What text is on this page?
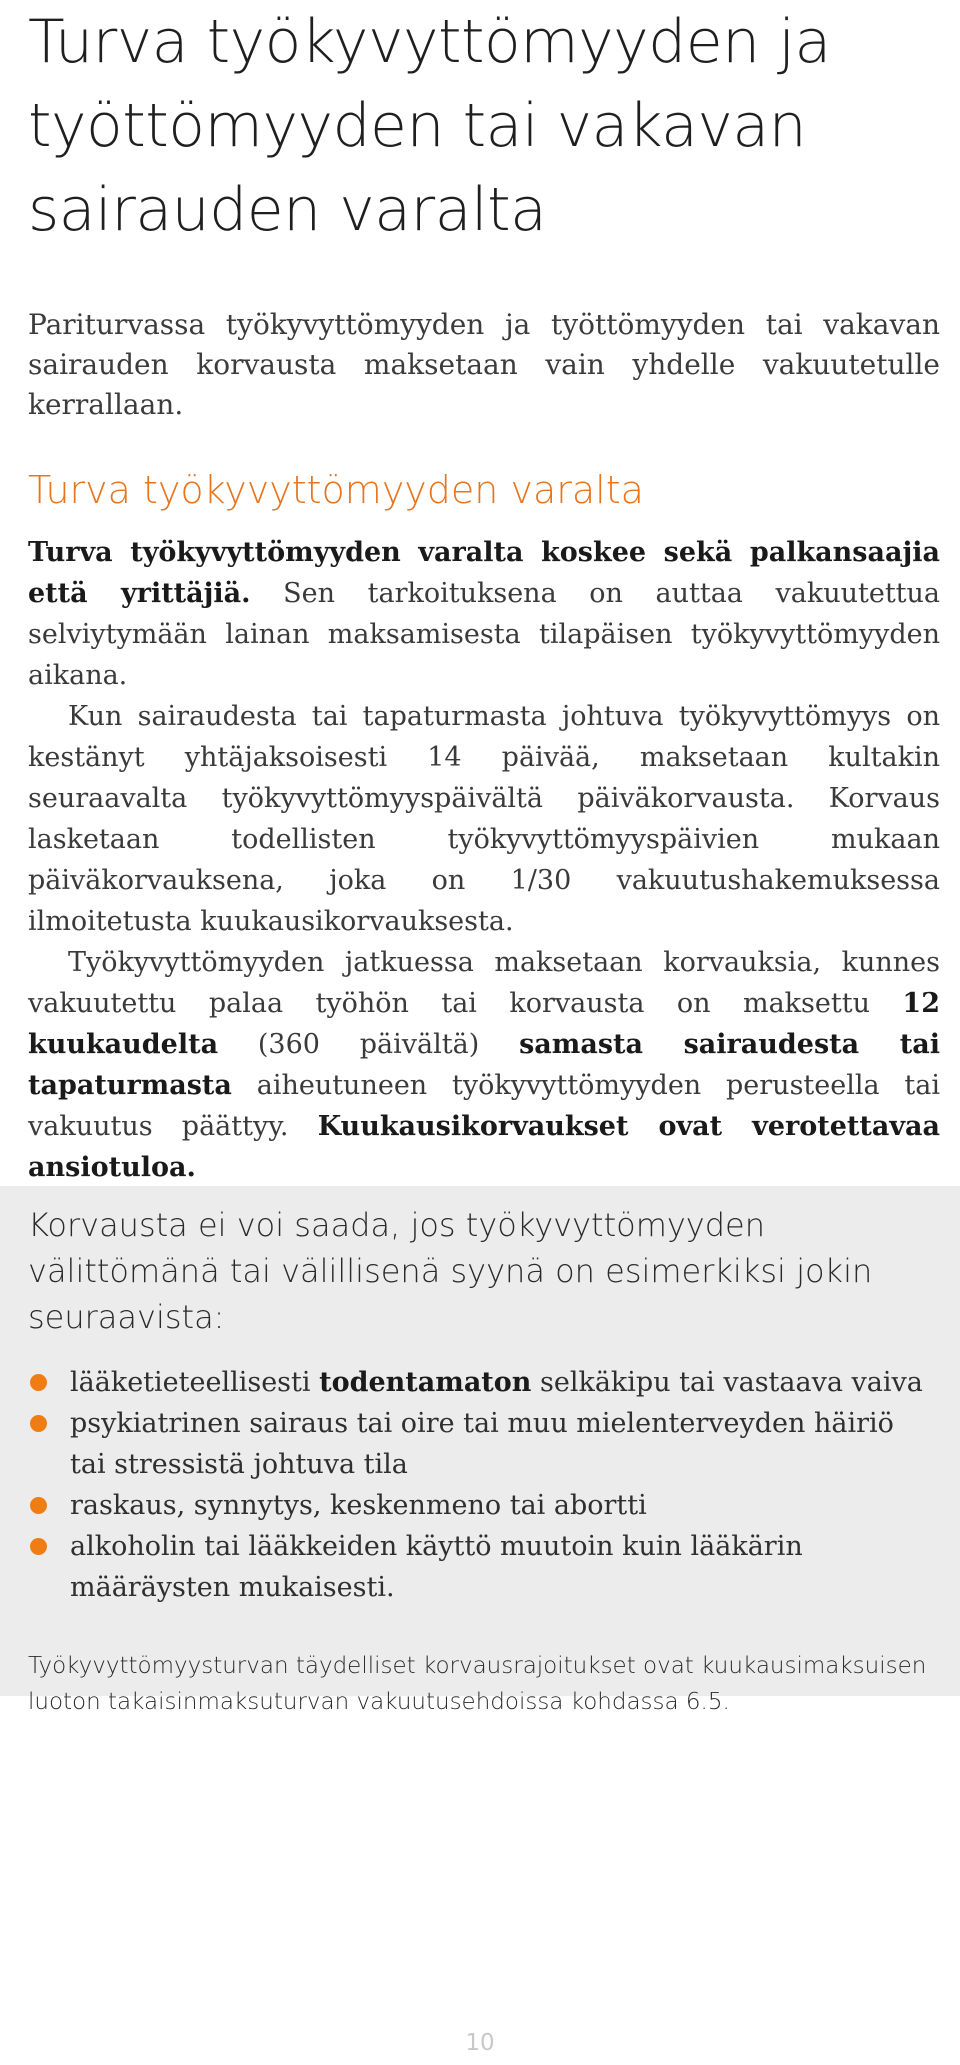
Turva työkyvyttömyyden ja työttömyyden tai vakavan sairauden varalta

Pariturvassa työkyvyttömyyden ja työttömyyden tai vakavan sairauden korvausta maksetaan vain yhdelle vakuutetulle kerrallaan.

Turva työkyvyttömyyden varalta

Turva työkyvyttömyyden varalta koskee sekä palkansaajia että yrittäjiä. Sen tarkoituksena on auttaa vakuutettua selviytymään lainan maksamisesta tilapäisen työkyvyttömyyden aikana.

Kun sairaudesta tai tapaturmasta johtuva työkyvyttömyys on kestänyt yhtäjaksoisesti 14 päivää, maksetaan kultakin seuraavalta työkyvyttömyyspäivältä päiväkorvausta. Korvaus lasketaan todellisten työkyvyttömyyspäivien mukaan päiväkorvauksena, joka on 1/30 vakuutushakemuksessa ilmoitetusta kuukausikorvauksesta.

Työkyvyttömyyden jatkuessa maksetaan korvauksia, kunnes vakuutettu palaa työhön tai korvausta on maksettu 12 kuukaudelta (360 päivältä) samasta sairaudesta tai tapaturmasta aiheutuneen työkyvyttömyyden perusteella tai vakuutus päättyy. Kuukausikorvaukset ovat verotettavaa ansiotuloa.

Korvausta ei voi saada, jos työkyvyttömyyden välittömänä tai välillisenä syynä on esimerkiksi jokin seuraavista:

lääketieteellisesti todentamaton selkäkipu tai vastaava vaiva
psykiatrinen sairaus tai oire tai muu mielenterveyden häiriö tai stressistä johtuva tila
raskaus, synnytys, keskenmeno tai abortti
alkoholin tai lääkkeiden käyttö muutoin kuin lääkärin määräysten mukaisesti.

Työkyvyttömyysturvan täydelliset korvausrajoitukset ovat kuukausimaksuisen luoton takaisinmaksuturvan vakuutusehdoissa kohdassa 6.5.

10
